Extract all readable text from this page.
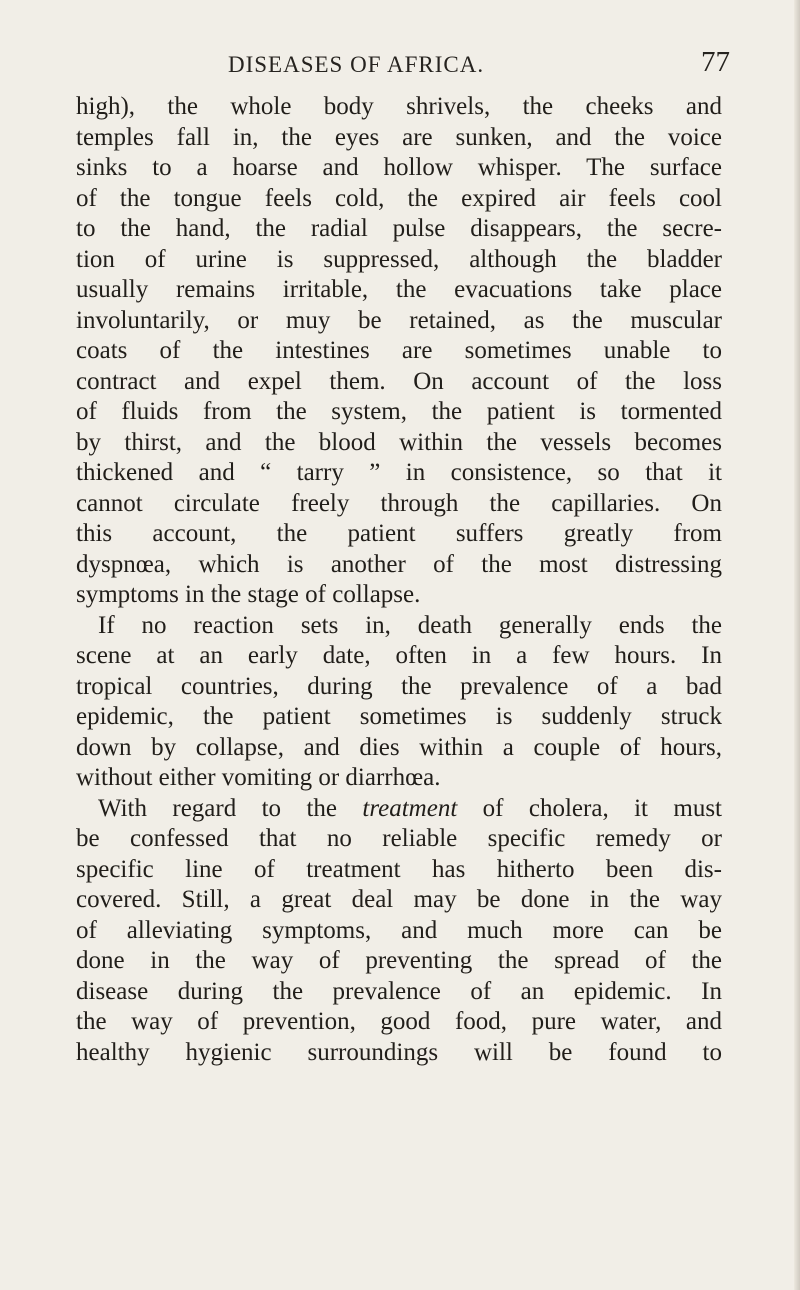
DISEASES OF AFRICA.	77
high), the whole body shrivels, the cheeks and
temples fall in, the eyes are sunken, and the voice
sinks to a hoarse and hollow whisper. The surface
of the tongue feels cold, the expired air feels cool
to the hand, the radial pulse disappears, the secre-
tion of urine is suppressed, although the bladder
usually remains irritable, the evacuations take place
involuntarily, or muy be retained, as the muscular
coats of the intestines are sometimes unable to
contract and expel them. On account of the loss
of fluids from the system, the patient is tormented
by thirst, and the blood within the vessels becomes
thickened and “ tarry ” in consistence, so that it
cannot circulate freely through the capillaries. On
this account, the patient suffers greatly from
dyspnœa, which is another of the most distressing
symptoms in the stage of collapse.
If no reaction sets in, death generally ends the
scene at an early date, often in a few hours. In
tropical countries, during the prevalence of a bad
epidemic, the patient sometimes is suddenly struck
down by collapse, and dies within a couple of hours,
without either vomiting or diarrhœa.
With regard to the treatment of cholera, it must
be confessed that no reliable specific remedy or
specific line of treatment has hitherto been dis-
covered. Still, a great deal may be done in the way
of alleviating symptoms, and much more can be
done in the way of preventing the spread of the
disease during the prevalence of an epidemic. In
the way of prevention, good food, pure water, and
healthy hygienic surroundings will be found to
